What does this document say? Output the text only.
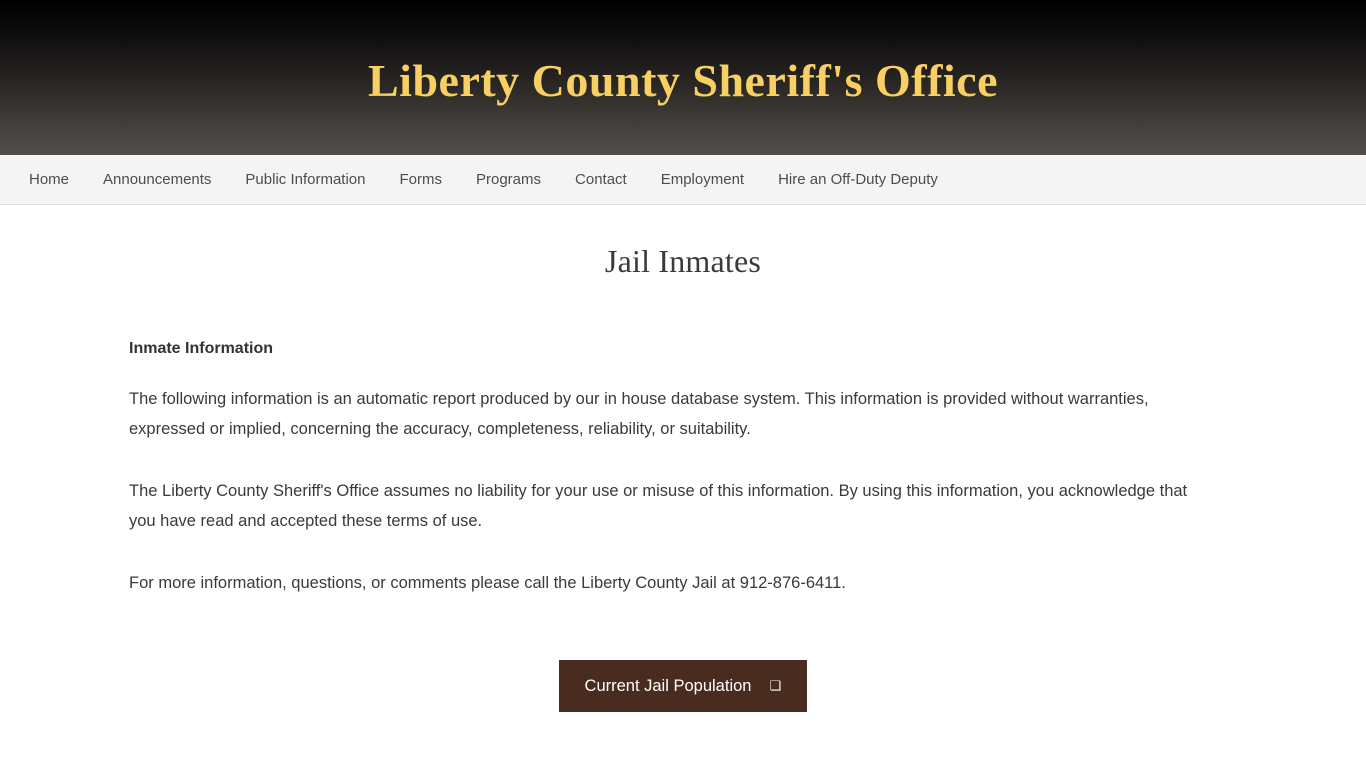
Liberty County Sheriff's Office
Home	Announcements	Public Information	Forms	Programs	Contact	Employment	Hire an Off-Duty Deputy
Jail Inmates
Inmate Information

The following information is an automatic report produced by our in house database system. This information is provided without warranties, expressed or implied, concerning the accuracy, completeness, reliability, or suitability.

The Liberty County Sheriff's Office assumes no liability for your use or misuse of this information. By using this information, you acknowledge that you have read and accepted these terms of use.

For more information, questions, or comments please call the Liberty County Jail at 912-876-6411.

Current Jail Population ❑
